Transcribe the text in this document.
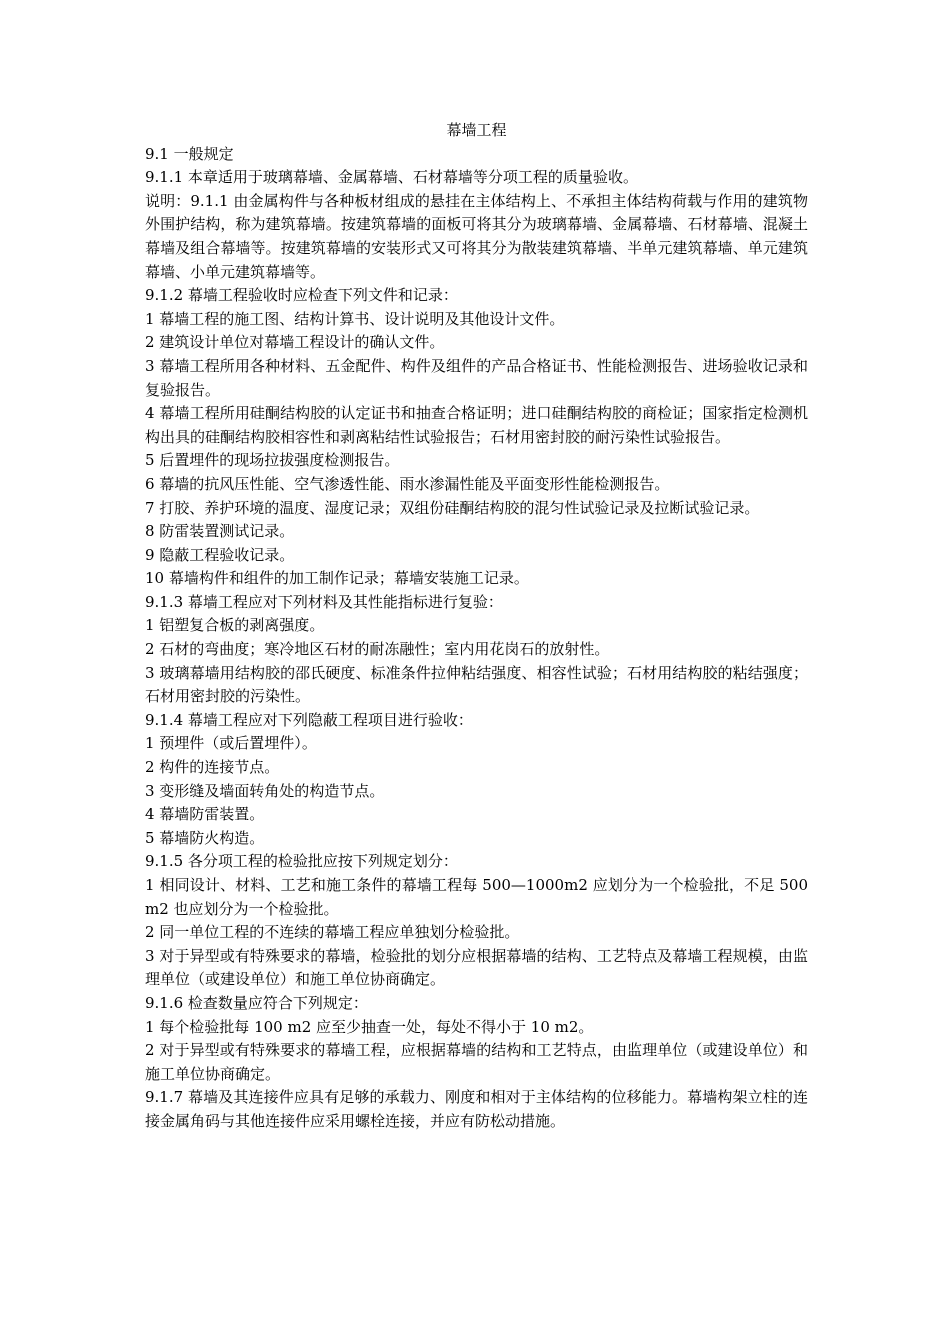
幕墙工程

9.1 一般规定

9.1.1 本章适用于玻璃幕墙、金属幕墙、石材幕墙等分项工程的质量验收。

说明：9.1.1 由金属构件与各种板材组成的悬挂在主体结构上、不承担主体结构荷载与作用的建筑物外围护结构，称为建筑幕墙。按建筑幕墙的面板可将其分为玻璃幕墙、金属幕墙、石材幕墙、混凝土幕墙及组合幕墙等。按建筑幕墙的安装形式又可将其分为散装建筑幕墙、半单元建筑幕墙、单元建筑幕墙、小单元建筑幕墙等。

9.1.2 幕墙工程验收时应检查下列文件和记录：

1 幕墙工程的施工图、结构计算书、设计说明及其他设计文件。

2 建筑设计单位对幕墙工程设计的确认文件。

3 幕墙工程所用各种材料、五金配件、构件及组件的产品合格证书、性能检测报告、进场验收记录和复验报告。

4 幕墙工程所用硅酮结构胶的认定证书和抽查合格证明；进口硅酮结构胶的商检证；国家指定检测机构出具的硅酮结构胶相容性和剥离粘结性试验报告；石材用密封胶的耐污染性试验报告。

5 后置埋件的现场拉拔强度检测报告。

6 幕墙的抗风压性能、空气渗透性能、雨水渗漏性能及平面变形性能检测报告。

7 打胶、养护环境的温度、湿度记录；双组份硅酮结构胶的混匀性试验记录及拉断试验记录。

8 防雷装置测试记录。

9 隐蔽工程验收记录。

10 幕墙构件和组件的加工制作记录；幕墙安装施工记录。

9.1.3 幕墙工程应对下列材料及其性能指标进行复验：

1 铝塑复合板的剥离强度。

2 石材的弯曲度；寒冷地区石材的耐冻融性；室内用花岗石的放射性。

3 玻璃幕墙用结构胶的邵氏硬度、标准条件拉伸粘结强度、相容性试验；石材用结构胶的粘结强度；石材用密封胶的污染性。

9.1.4 幕墙工程应对下列隐蔽工程项目进行验收：

1 预埋件（或后置埋件）。

2 构件的连接节点。

3 变形缝及墙面转角处的构造节点。

4 幕墙防雷装置。

5 幕墙防火构造。

9.1.5 各分项工程的检验批应按下列规定划分：

1 相同设计、材料、工艺和施工条件的幕墙工程每 500—1000m2 应划分为一个检验批，不足 500 m2 也应划分为一个检验批。

2 同一单位工程的不连续的幕墙工程应单独划分检验批。

3 对于异型或有特殊要求的幕墙，检验批的划分应根据幕墙的结构、工艺特点及幕墙工程规模，由监理单位（或建设单位）和施工单位协商确定。

9.1.6 检查数量应符合下列规定：

1 每个检验批每 100 m2 应至少抽查一处，每处不得小于 10 m2。

2 对于异型或有特殊要求的幕墙工程，应根据幕墙的结构和工艺特点，由监理单位（或建设单位）和施工单位协商确定。

9.1.7 幕墙及其连接件应具有足够的承载力、刚度和相对于主体结构的位移能力。幕墙构架立柱的连接金属角码与其他连接件应采用螺栓连接，并应有防松动措施。
